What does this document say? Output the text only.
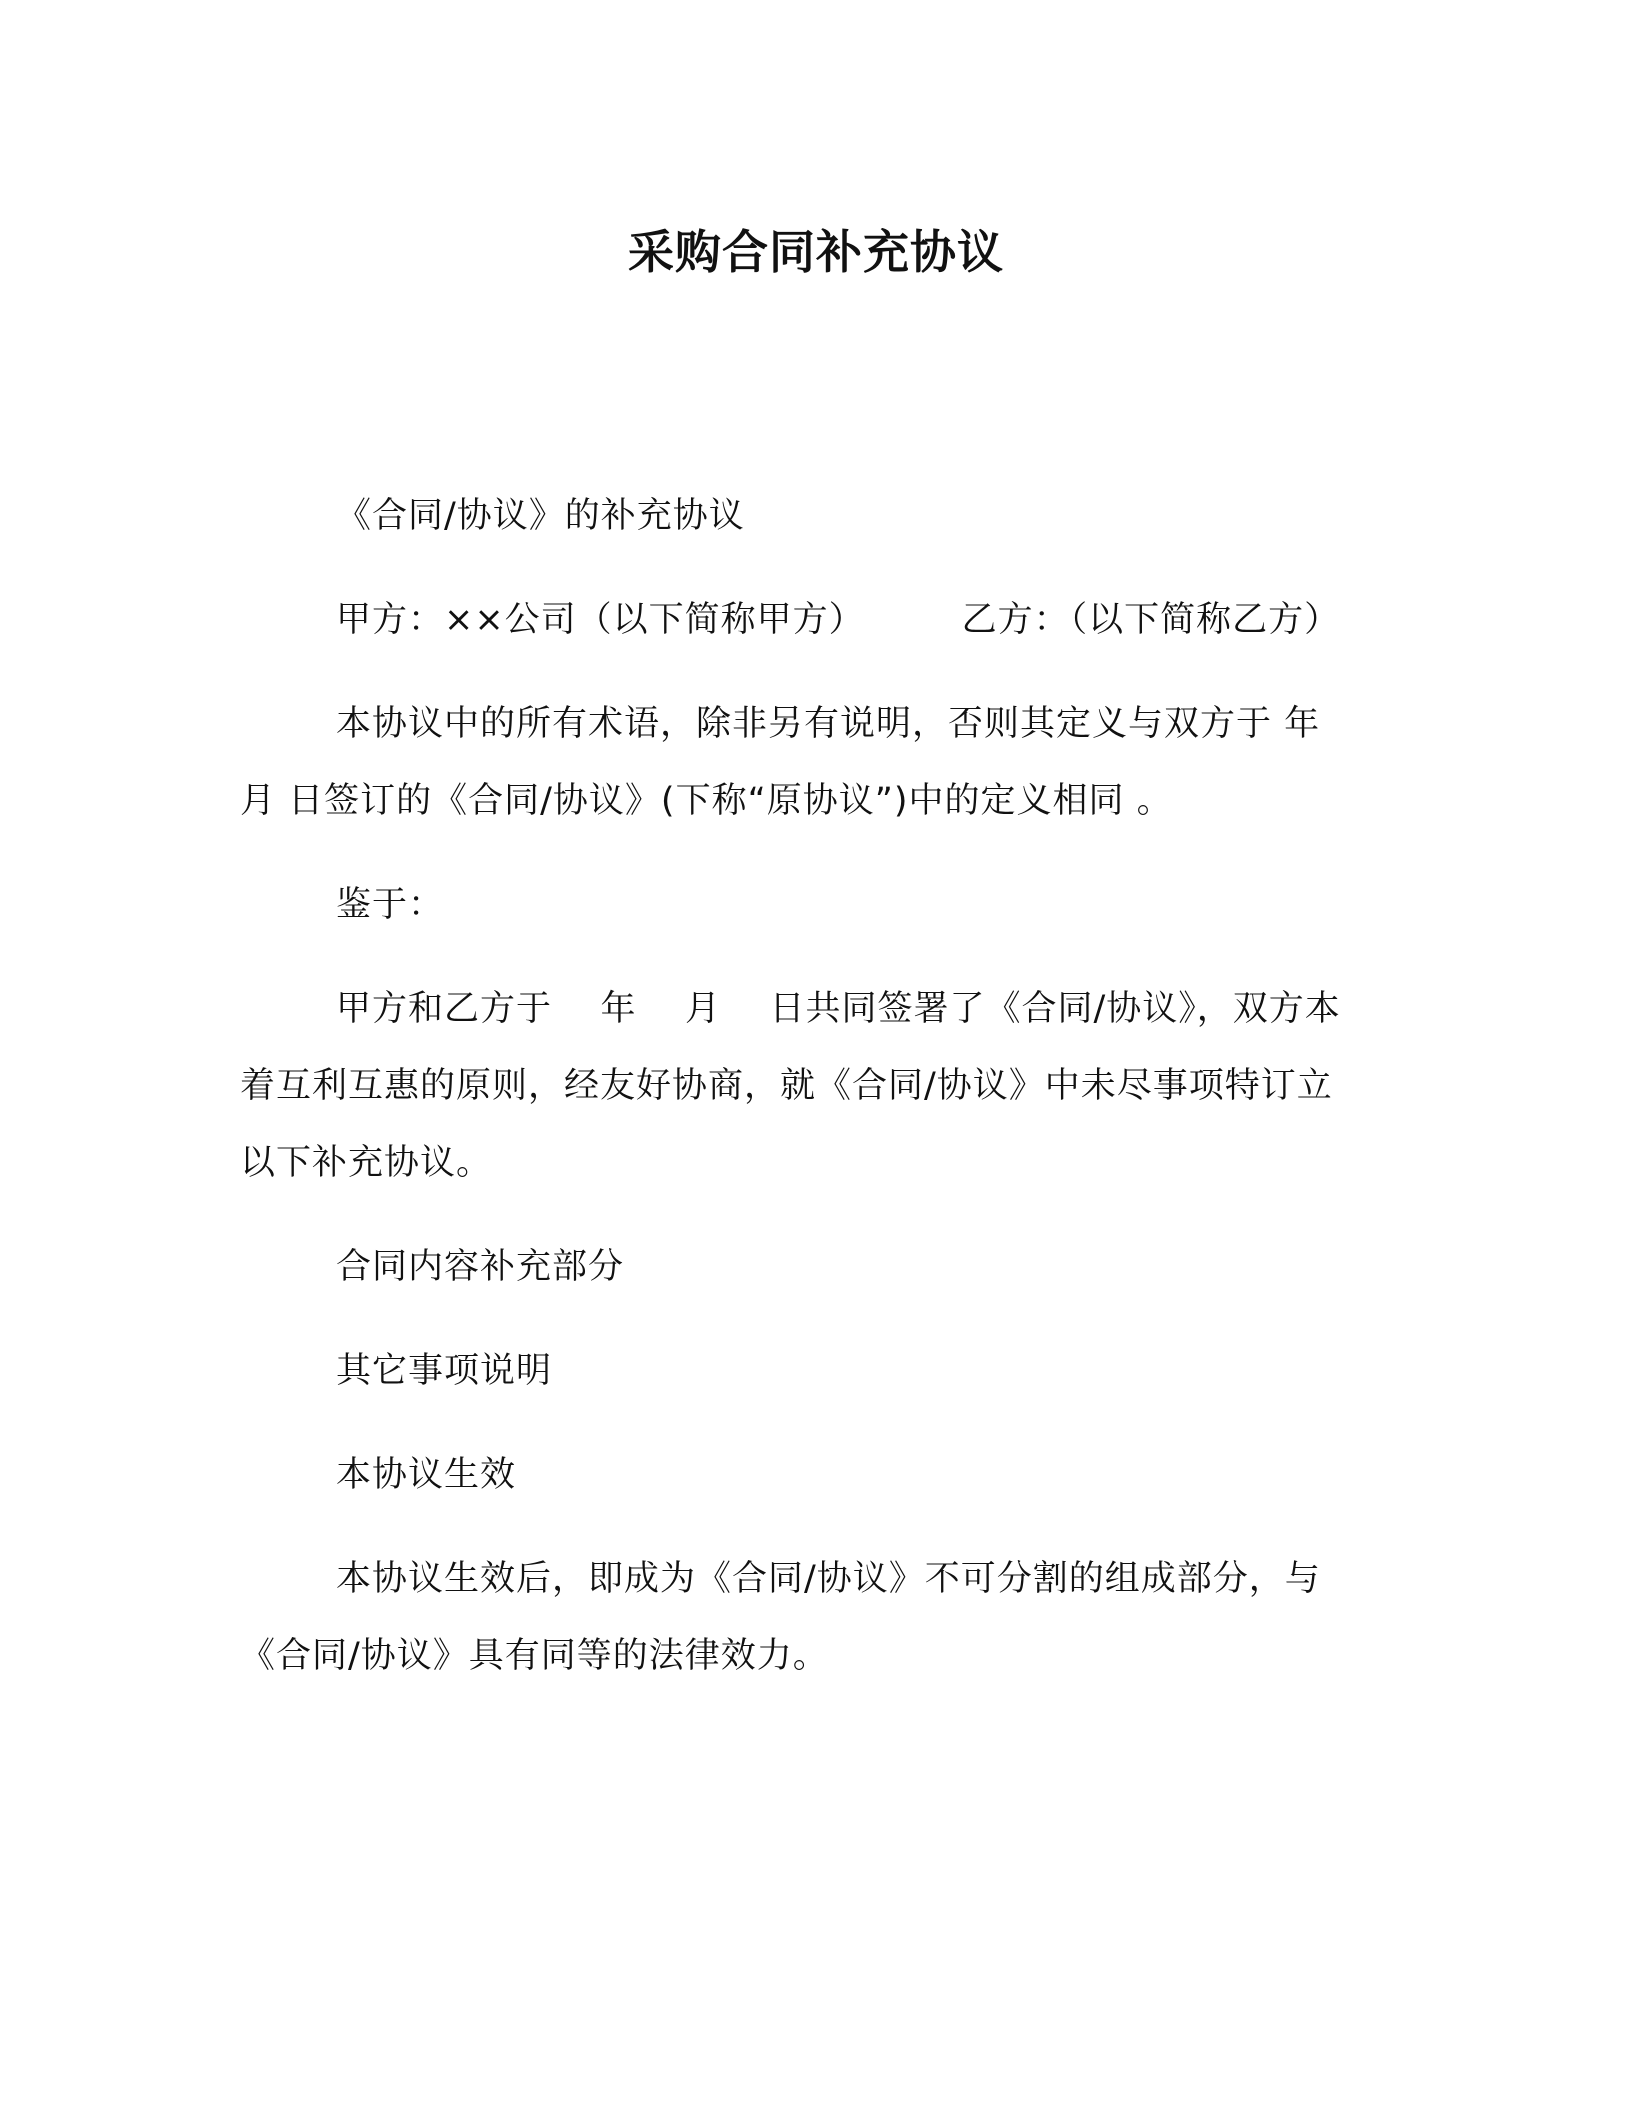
采购合同补充协议

《合同/协议》的补充协议

甲方：××公司（以下简称甲方）        乙方：（以下简称乙方）

本协议中的所有术语，除非另有说明，否则其定义与双方于 年 月 日签订的《合同/协议》(下称“原协议”)中的定义相同 。

鉴于：

甲方和乙方于    年    月    日共同签署了《合同/协议》，双方本着互利互惠的原则，经友好协商，就《合同/协议》中未尽事项特订立以下补充协议。

合同内容补充部分

其它事项说明

本协议生效

本协议生效后，即成为《合同/协议》不可分割的组成部分，与《合同/协议》具有同等的法律效力。
